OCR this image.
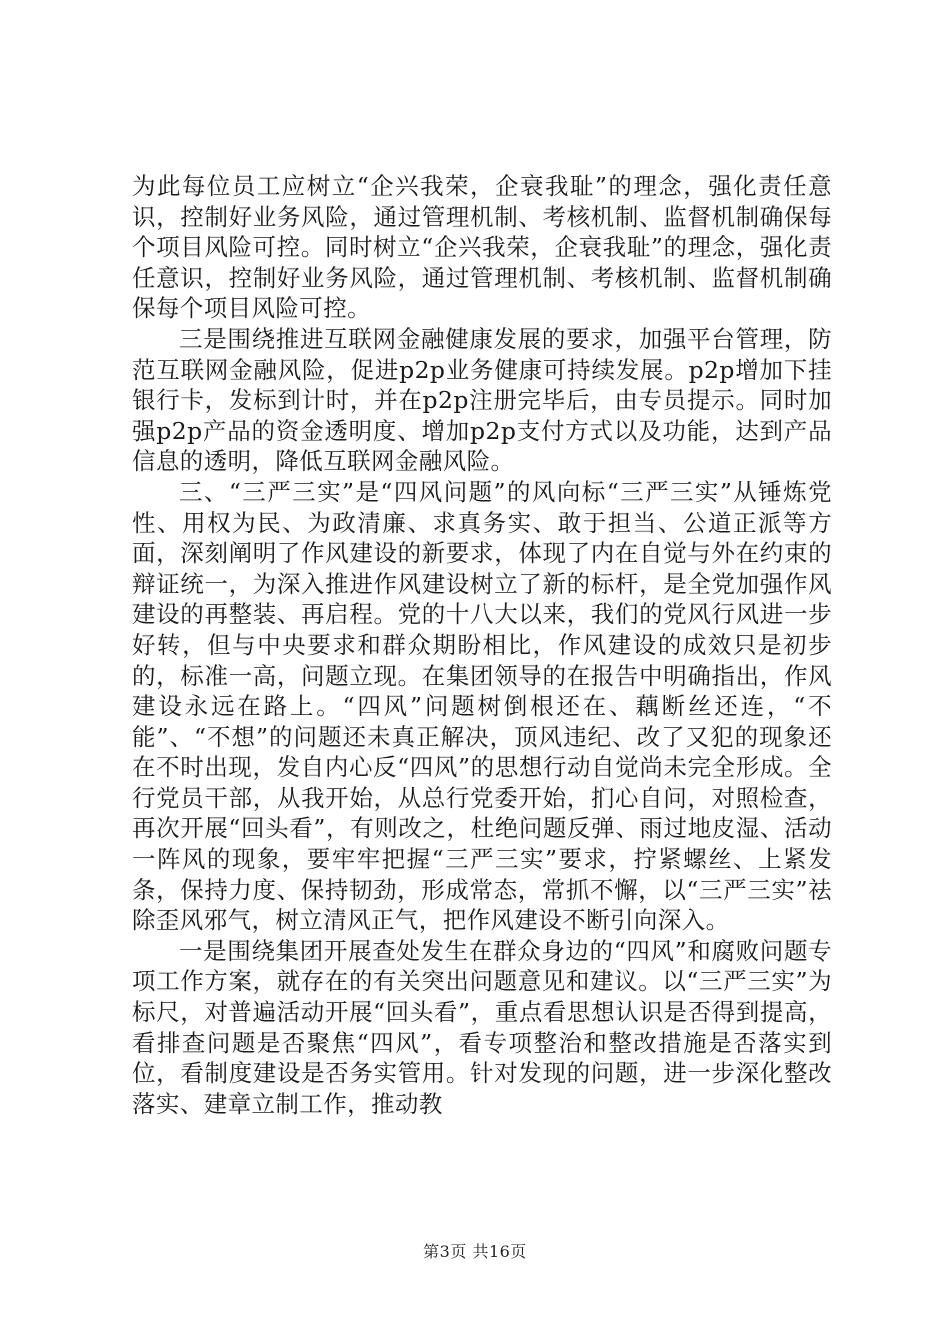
为此每位员工应树立“企兴我荣，企衰我耻”的理念，强化责任意识，控制好业务风险，通过管理机制、考核机制、监督机制确保每个项目风险可控。同时树立“企兴我荣，企衰我耻”的理念，强化责任意识，控制好业务风险，通过管理机制、考核机制、监督机制确保每个项目风险可控。

三是围绕推进互联网金融健康发展的要求，加强平台管理，防范互联网金融风险，促进p2p业务健康可持续发展。p2p增加下挂银行卡，发标到计时，并在p2p注册完毕后，由专员提示。同时加强p2p产品的资金透明度、增加p2p支付方式以及功能，达到产品信息的透明，降低互联网金融风险。

三、“三严三实”是“四风问题”的风向标“三严三实”从锤炼党性、用权为民、为政清廉、求真务实、敢于担当、公道正派等方面，深刻阐明了作风建设的新要求，体现了内在自觉与外在约束的辩证统一，为深入推进作风建设树立了新的标杆，是全党加强作风建设的再整装、再启程。党的十八大以来，我们的党风行风进一步好转，但与中央要求和群众期盼相比，作风建设的成效只是初步的，标准一高，问题立现。在集团领导的在报告中明确指出，作风建设永远在路上。“四风”问题树倒根还在、藕断丝还连，“不能”、“不想”的问题还未真正解决，顶风违纪、改了又犯的现象还在不时出现，发自内心反“四风”的思想行动自觉尚未完全形成。全行党员干部，从我开始，从总行党委开始，扪心自问，对照检查，再次开展“回头看”，有则改之，杜绝问题反弹、雨过地皮湿、活动一阵风的现象，要牢牢把握“三严三实”要求，拧紧螺丝、上紧发条，保持力度、保持韧劲，形成常态，常抓不懈，以“三严三实”祛除歪风邪气，树立清风正气，把作风建设不断引向深入。

一是围绕集团开展查处发生在群众身边的“四风”和腐败问题专项工作方案，就存在的有关突出问题意见和建议。以“三严三实”为标尺，对普遍活动开展“回头看”，重点看思想认识是否得到提高，看排查问题是否聚焦“四风”，看专项整治和整改措施是否落实到位，看制度建设是否务实管用。针对发现的问题，进一步深化整改落实、建章立制工作，推动教

第3页 共16页
